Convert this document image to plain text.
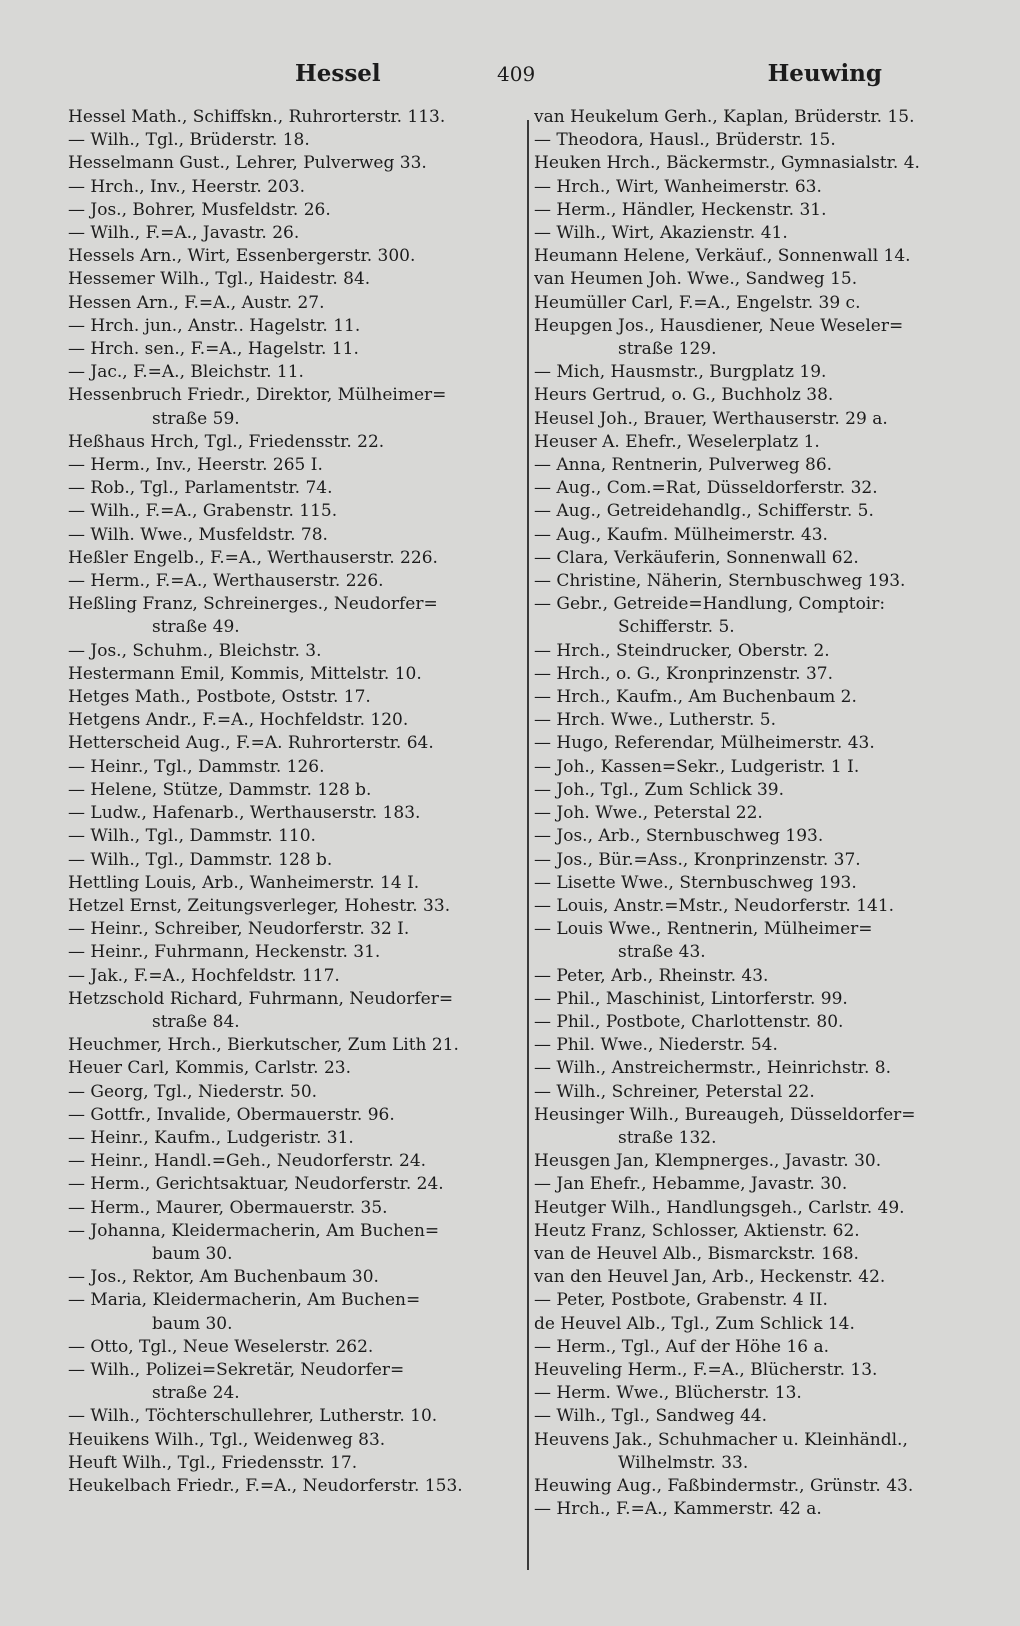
Hessel	409	Heuwing
Hessel Math., Schiffskn., Ruhrorterstr. 113.
— Wilh., Tgl., Brüderstr. 18.
Hesselmann Gust., Lehrer, Pulverweg 33.
— Hrch., Inv., Heerstr. 203.
— Jos., Bohrer, Musfeldstr. 26.
— Wilh., F.=A., Javastr. 26.
Hessels Arn., Wirt, Essenbergerstr. 300.
Hessemer Wilh., Tgl., Haidestr. 84.
Hessen Arn., F.=A., Austr. 27.
— Hrch. jun., Anstr.. Hagelstr. 11.
— Hrch. sen., F.=A., Hagelstr. 11.
— Jac., F.=A., Bleichstr. 11.
Hessenbruch Friedr., Direktor, Mülheimer=
straße 59.
Heßhaus Hrch, Tgl., Friedensstr. 22.
— Herm., Inv., Heerstr. 265 I.
— Rob., Tgl., Parlamentstr. 74.
— Wilh., F.=A., Grabenstr. 115.
— Wilh. Wwe., Musfeldstr. 78.
Heßler Engelb., F.=A., Werthauserstr. 226.
— Herm., F.=A., Werthauserstr. 226.
Heßling Franz, Schreinerges., Neudorfer=
straße 49.
— Jos., Schuhm., Bleichstr. 3.
Hestermann Emil, Kommis, Mittelstr. 10.
Hetges Math., Postbote, Oststr. 17.
Hetgens Andr., F.=A., Hochfeldstr. 120.
Hetterscheid Aug., F.=A. Ruhrorterstr. 64.
— Heinr., Tgl., Dammstr. 126.
— Helene, Stütze, Dammstr. 128 b.
— Ludw., Hafenarb., Werthauserstr. 183.
— Wilh., Tgl., Dammstr. 110.
— Wilh., Tgl., Dammstr. 128 b.
Hettling Louis, Arb., Wanheimerstr. 14 I.
Hetzel Ernst, Zeitungsverleger, Hohestr. 33.
— Heinr., Schreiber, Neudorferstr. 32 I.
— Heinr., Fuhrmann, Heckenstr. 31.
— Jak., F.=A., Hochfeldstr. 117.
Hetzschold Richard, Fuhrmann, Neudorfer=
straße 84.
Heuchmer, Hrch., Bierkutscher, Zum Lith 21.
Heuer Carl, Kommis, Carlstr. 23.
— Georg, Tgl., Niederstr. 50.
— Gottfr., Invalide, Obermauerstr. 96.
— Heinr., Kaufm., Ludgeristr. 31.
— Heinr., Handl.=Geh., Neudorferstr. 24.
— Herm., Gerichtsaktuar, Neudorferstr. 24.
— Herm., Maurer, Obermauerstr. 35.
— Johanna, Kleidermacherin, Am Buchen=
baum 30.
— Jos., Rektor, Am Buchenbaum 30.
— Maria, Kleidermacherin, Am Buchen=
baum 30.
— Otto, Tgl., Neue Weselerstr. 262.
— Wilh., Polizei=Sekretär, Neudorfer=
straße 24.
— Wilh., Töchterschullehrer, Lutherstr. 10.
Heuikens Wilh., Tgl., Weidenweg 83.
Heuft Wilh., Tgl., Friedensstr. 17.
Heukelbach Friedr., F.=A., Neudorferstr. 153.
van Heukelum Gerh., Kaplan, Brüderstr. 15.
— Theodora, Hausl., Brüderstr. 15.
Heuken Hrch., Bäckermstr., Gymnasialstr. 4.
— Hrch., Wirt, Wanheimerstr. 63.
— Herm., Händler, Heckenstr. 31.
— Wilh., Wirt, Akazienstr. 41.
Heumann Helene, Verkäuf., Sonnenwall 14.
van Heumen Joh. Wwe., Sandweg 15.
Heumüller Carl, F.=A., Engelstr. 39 c.
Heupgen Jos., Hausdiener, Neue Weseler=
straße 129.
— Mich, Hausmstr., Burgplatz 19.
Heurs Gertrud, o. G., Buchholz 38.
Heusel Joh., Brauer, Werthauserstr. 29 a.
Heuser A. Ehefr., Weselerplatz 1.
— Anna, Rentnerin, Pulverweg 86.
— Aug., Com.=Rat, Düsseldorferstr. 32.
— Aug., Getreidehandlg., Schifferstr. 5.
— Aug., Kaufm. Mülheimerstr. 43.
— Clara, Verkäuferin, Sonnenwall 62.
— Christine, Näherin, Sternbuschweg 193.
— Gebr., Getreide=Handlung, Comptoir:
Schifferstr. 5.
— Hrch., Steindrucker, Oberstr. 2.
— Hrch., o. G., Kronprinzenstr. 37.
— Hrch., Kaufm., Am Buchenbaum 2.
— Hrch. Wwe., Lutherstr. 5.
— Hugo, Referendar, Mülheimerstr. 43.
— Joh., Kassen=Sekr., Ludgeristr. 1 I.
— Joh., Tgl., Zum Schlick 39.
— Joh. Wwe., Peterstal 22.
— Jos., Arb., Sternbuschweg 193.
— Jos., Bür.=Ass., Kronprinzenstr. 37.
— Lisette Wwe., Sternbuschweg 193.
— Louis, Anstr.=Mstr., Neudorferstr. 141.
— Louis Wwe., Rentnerin, Mülheimer=
straße 43.
— Peter, Arb., Rheinstr. 43.
— Phil., Maschinist, Lintorferstr. 99.
— Phil., Postbote, Charlottenstr. 80.
— Phil. Wwe., Niederstr. 54.
— Wilh., Anstreichermstr., Heinrichstr. 8.
— Wilh., Schreiner, Peterstal 22.
Heusinger Wilh., Bureaugeh, Düsseldorfer=
straße 132.
Heusgen Jan, Klempnerges., Javastr. 30.
— Jan Ehefr., Hebamme, Javastr. 30.
Heutger Wilh., Handlungsgeh., Carlstr. 49.
Heutz Franz, Schlosser, Aktienstr. 62.
van de Heuvel Alb., Bismarckstr. 168.
van den Heuvel Jan, Arb., Heckenstr. 42.
— Peter, Postbote, Grabenstr. 4 II.
de Heuvel Alb., Tgl., Zum Schlick 14.
— Herm., Tgl., Auf der Höhe 16 a.
Heuveling Herm., F.=A., Blücherstr. 13.
— Herm. Wwe., Blücherstr. 13.
— Wilh., Tgl., Sandweg 44.
Heuvens Jak., Schuhmacher u. Kleinhändl.,
Wilhelmstr. 33.
Heuwing Aug., Faßbindermstr., Grünstr. 43.
— Hrch., F.=A., Kammerstr. 42 a.
